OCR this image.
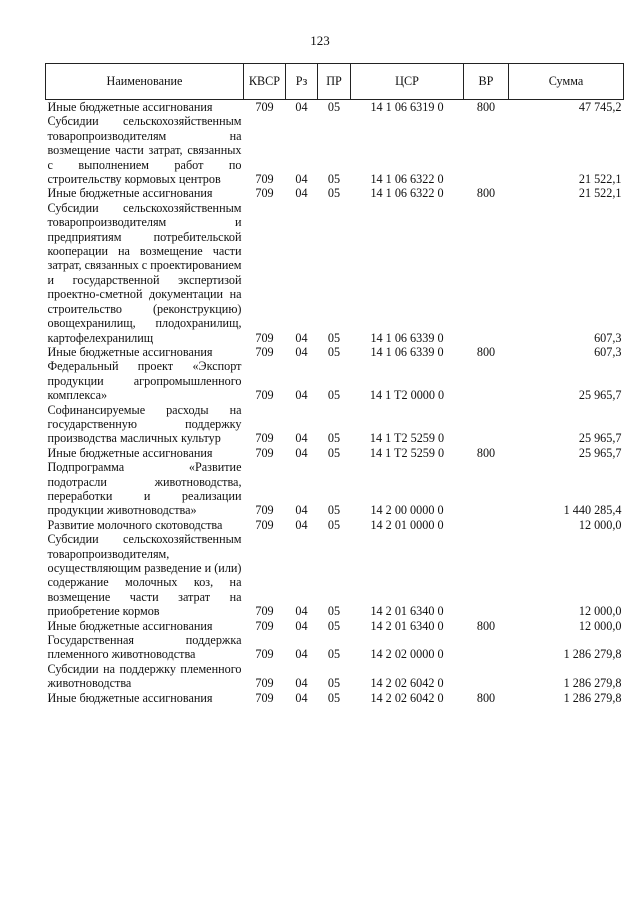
123
Наименование	КВСР	Рз	ПР	ЦСР	ВР	Сумма
Иные бюджетные ассигнования	709	04	05	14 1 06 6319 0	800	47 745,2
Субсидии сельскохозяйственным товаропроизводителям на возмещение части затрат, связанных с выполнением работ по строительству кормовых центров	709	04	05	14 1 06 6322 0		21 522,1
Иные бюджетные ассигнования	709	04	05	14 1 06 6322 0	800	21 522,1
Субсидии сельскохозяйственным товаропроизводителям и предприятиям потребительской кооперации на возмещение части затрат, связанных с проектированием и государственной экспертизой проектно-сметной документации на строительство (реконструкцию) овощехранилищ, плодохранилищ, картофелехранилищ	709	04	05	14 1 06 6339 0		607,3
Иные бюджетные ассигнования	709	04	05	14 1 06 6339 0	800	607,3
Федеральный проект «Экспорт продукции агропромышленного комплекса»	709	04	05	14 1 T2 0000 0		25 965,7
Софинансируемые расходы на государственную поддержку производства масличных культур	709	04	05	14 1 T2 5259 0		25 965,7
Иные бюджетные ассигнования	709	04	05	14 1 T2 5259 0	800	25 965,7
Подпрограмма «Развитие подотрасли животноводства, переработки и реализации продукции животноводства»	709	04	05	14 2 00 0000 0		1 440 285,4
Развитие молочного скотоводства	709	04	05	14 2 01 0000 0		12 000,0
Субсидии сельскохозяйственным товаропроизводителям, осуществляющим разведение и (или) содержание молочных коз, на возмещение части затрат на приобретение кормов	709	04	05	14 2 01 6340 0		12 000,0
Иные бюджетные ассигнования	709	04	05	14 2 01 6340 0	800	12 000,0
Государственная поддержка племенного животноводства	709	04	05	14 2 02 0000 0		1 286 279,8
Субсидии на поддержку племенного животноводства	709	04	05	14 2 02 6042 0		1 286 279,8
Иные бюджетные ассигнования	709	04	05	14 2 02 6042 0	800	1 286 279,8
